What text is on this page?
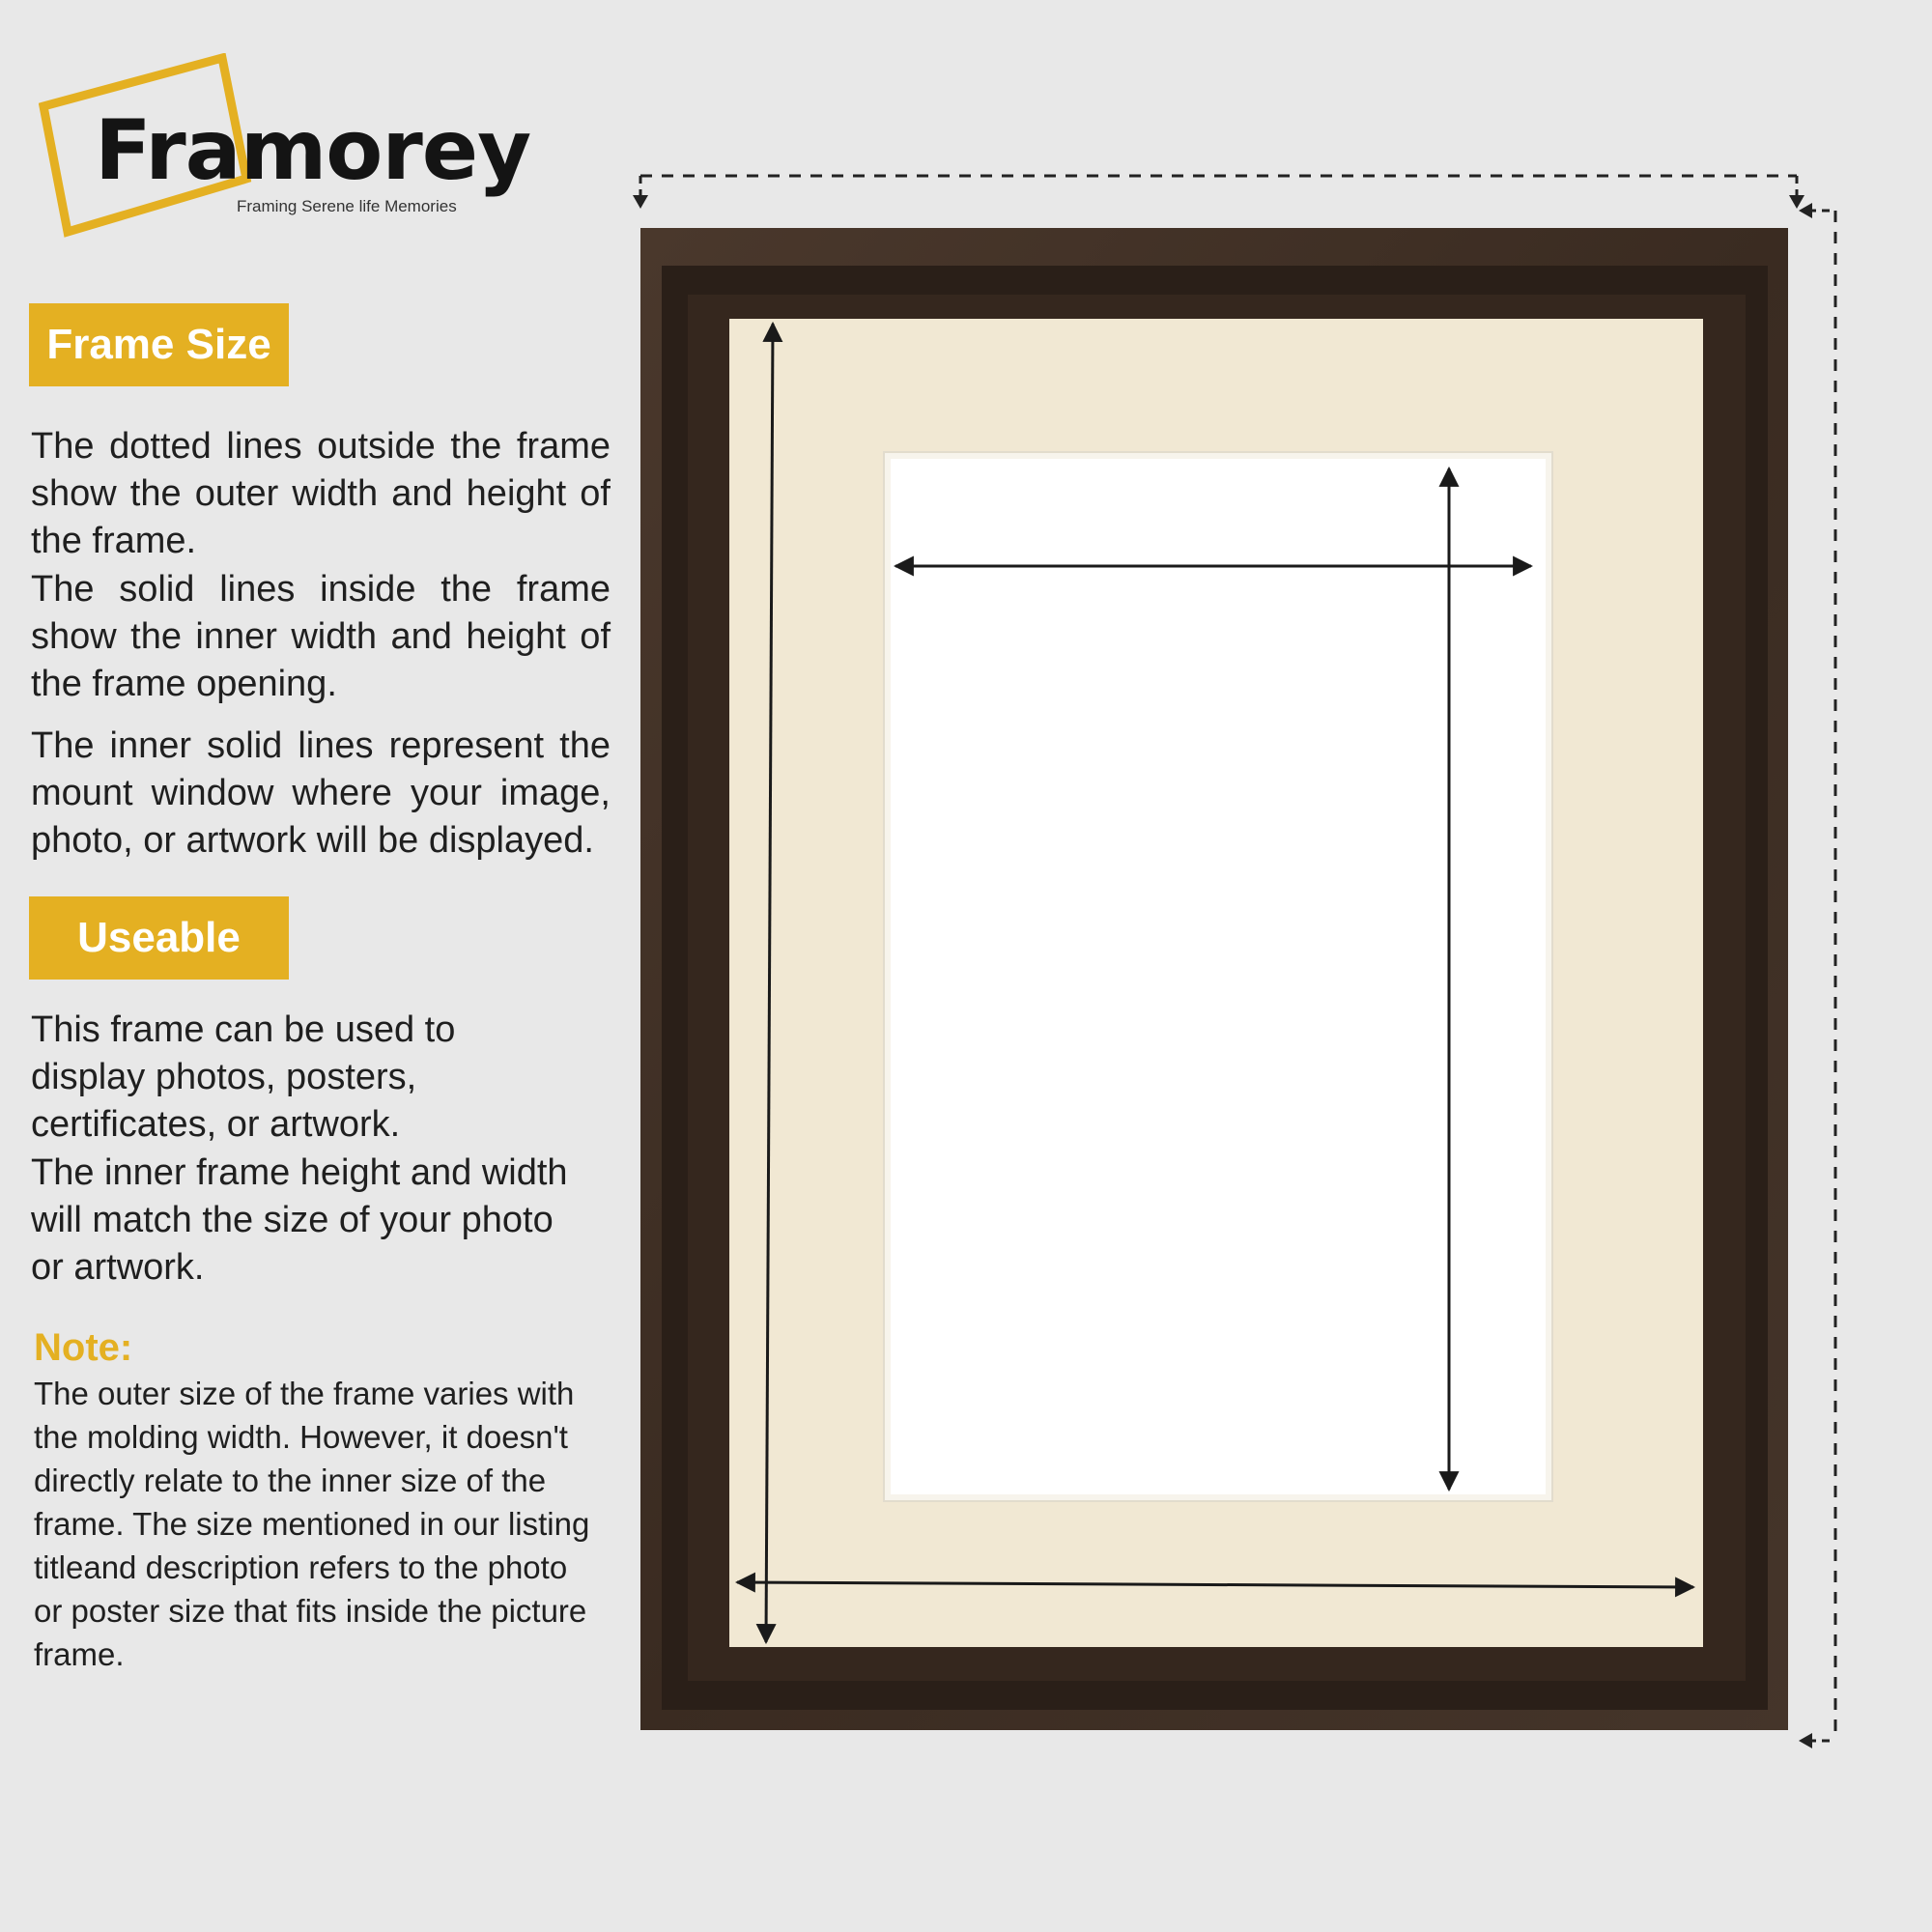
Framorey
Framing Serene life Memories
Frame Size

The dotted lines outside the frame show the outer width and height of the frame.

The solid lines inside the frame show the inner width and height of the frame opening.

The inner solid lines represent the mount window where your image, photo, or artwork will be displayed.

Useable

This frame can be used to display photos, posters, certificates, or artwork.

The inner frame height and width will match the size of your photo or artwork.

Note:

The outer size of the frame varies with the molding width. However, it doesn't directly relate to the inner size of the frame. The size mentioned in our listing titleand description refers to the photo or poster size that fits inside the picture frame.
